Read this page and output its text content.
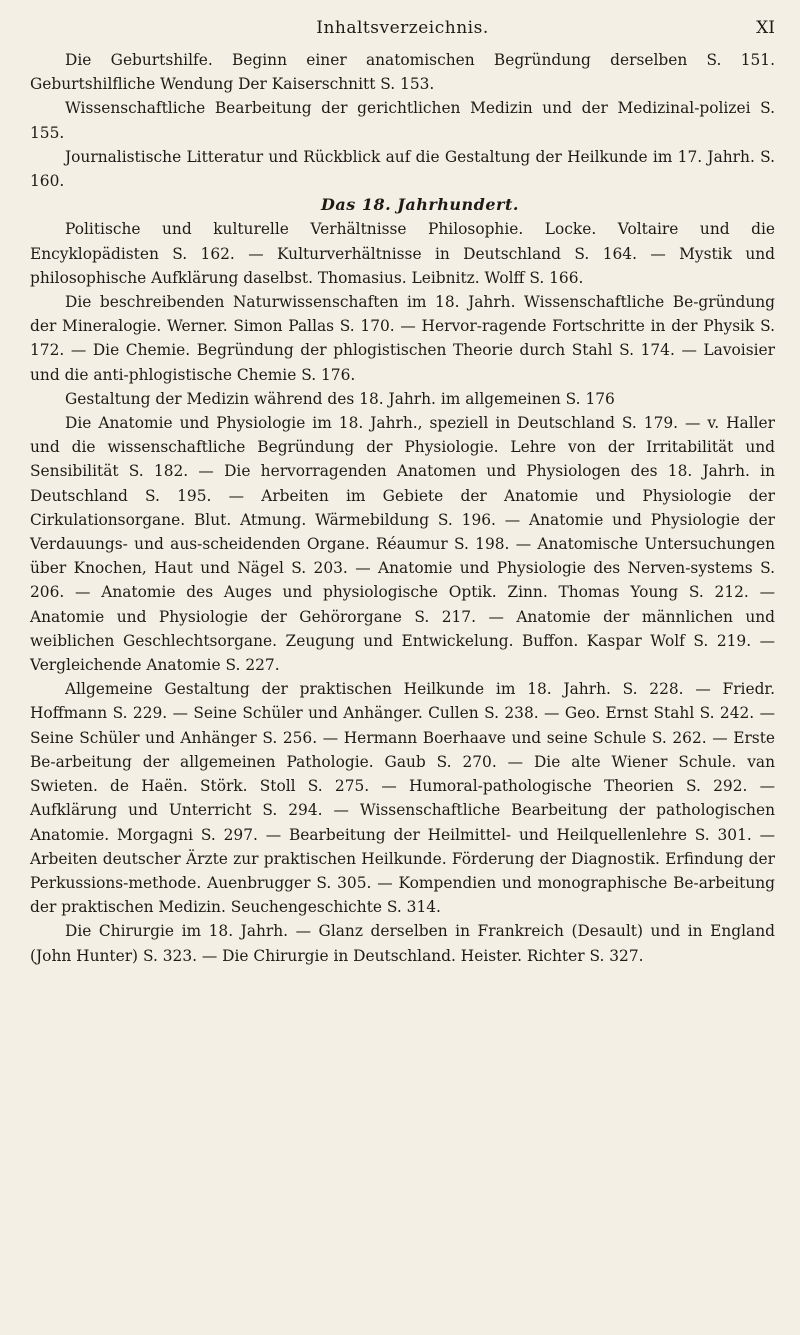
Inhaltsverzeichnis.	XI

Die Geburtshilfe. Beginn einer anatomischen Begründung derselben S. 151. Geburtshilfliche Wendung Der Kaiserschnitt S. 153.

Wissenschaftliche Bearbeitung der gerichtlichen Medizin und der Medizinal-polizei S. 155.

Journalistische Litteratur und Rückblick auf die Gestaltung der Heilkunde im 17. Jahrh. S. 160.

Das 18. Jahrhundert.

Politische und kulturelle Verhältnisse Philosophie. Locke. Voltaire und die Encyklopädisten S. 162. — Kulturverhältnisse in Deutschland S. 164. — Mystik und philosophische Aufklärung daselbst. Thomasius. Leibnitz. Wolff S. 166.

Die beschreibenden Naturwissenschaften im 18. Jahrh. Wissenschaftliche Be-gründung der Mineralogie. Werner. Simon Pallas S. 170. — Hervor-ragende Fortschritte in der Physik S. 172. — Die Chemie. Begründung der phlogistischen Theorie durch Stahl S. 174. — Lavoisier und die anti-phlogistische Chemie S. 176.

Gestaltung der Medizin während des 18. Jahrh. im allgemeinen S. 176

Die Anatomie und Physiologie im 18. Jahrh., speziell in Deutschland S. 179. — v. Haller und die wissenschaftliche Begründung der Physiologie. Lehre von der Irritabilität und Sensibilität S. 182. — Die hervorragenden Anatomen und Physiologen des 18. Jahrh. in Deutschland S. 195. — Arbeiten im Gebiete der Anatomie und Physiologie der Cirkulationsorgane. Blut. Atmung. Wärmebildung S. 196. — Anatomie und Physiologie der Verdauungs- und aus-scheidenden Organe. Réaumur S. 198. — Anatomische Untersuchungen über Knochen, Haut und Nägel S. 203. — Anatomie und Physiologie des Nerven-systems S. 206. — Anatomie des Auges und physiologische Optik. Zinn. Thomas Young S. 212. — Anatomie und Physiologie der Gehörorgane S. 217. — Anatomie der männlichen und weiblichen Geschlechtsorgane. Zeugung und Entwickelung. Buffon. Kaspar Wolf S. 219. — Vergleichende Anatomie S. 227.

Allgemeine Gestaltung der praktischen Heilkunde im 18. Jahrh. S. 228. — Friedr. Hoffmann S. 229. — Seine Schüler und Anhänger. Cullen S. 238. — Geo. Ernst Stahl S. 242. — Seine Schüler und Anhänger S. 256. — Hermann Boerhaave und seine Schule S. 262. — Erste Be-arbeitung der allgemeinen Pathologie. Gaub S. 270. — Die alte Wiener Schule. van Swieten. de Haën. Störk. Stoll S. 275. — Humoral-pathologische Theorien S. 292. — Aufklärung und Unterricht S. 294. — Wissenschaftliche Bearbeitung der pathologischen Anatomie. Morgagni S. 297. — Bearbeitung der Heilmittel- und Heilquellenlehre S. 301. — Arbeiten deutscher Ärzte zur praktischen Heilkunde. Förderung der Diagnostik. Erfindung der Perkussions-methode. Auenbrugger S. 305. — Kompendien und monographische Be-arbeitung der praktischen Medizin. Seuchengeschichte S. 314.

Die Chirurgie im 18. Jahrh. — Glanz derselben in Frankreich (Desault) und in England (John Hunter) S. 323. — Die Chirurgie in Deutschland. Heister. Richter S. 327.
